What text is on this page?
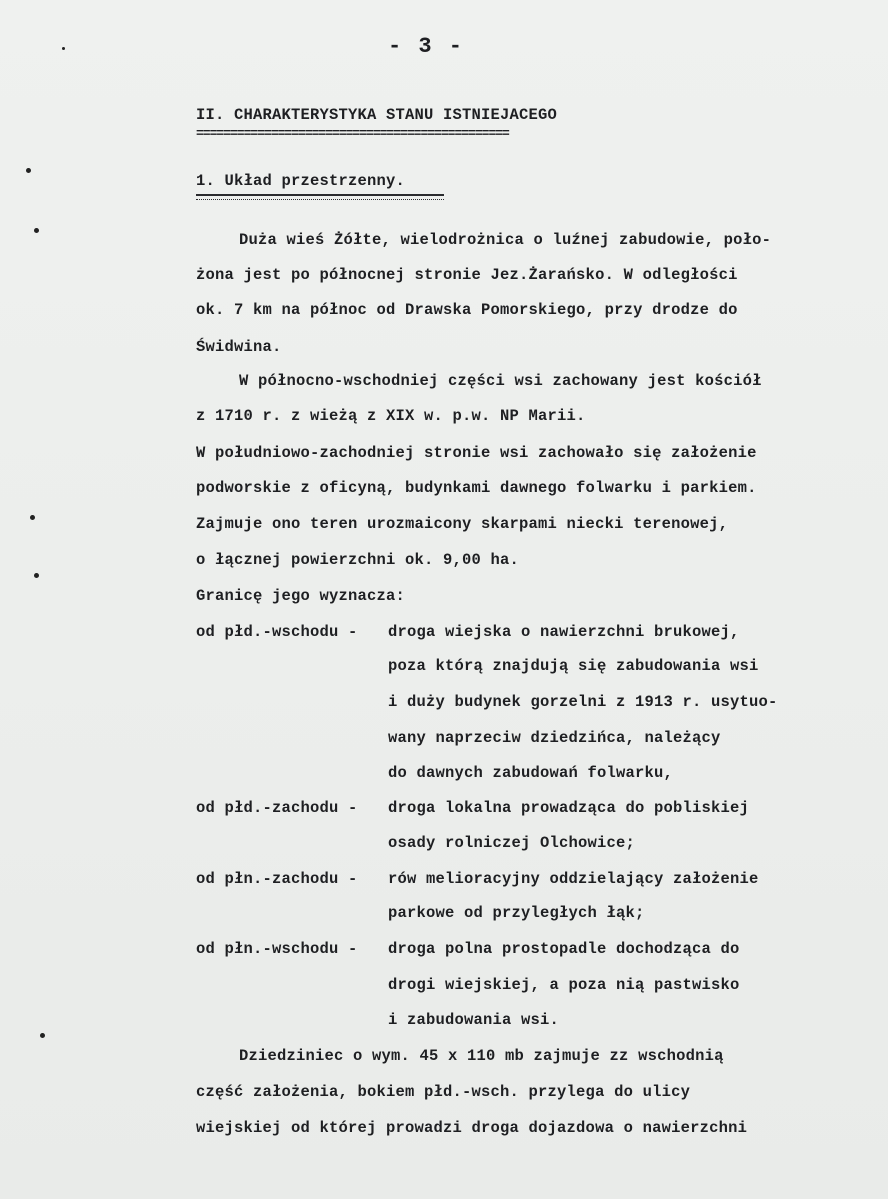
- 3 -
II. CHARAKTERYSTYKA STANU ISTNIEJACEGO
==============================================
1. Układ przestrzenny.
Duża wieś Żółte, wielodrożnica o luźnej zabudowie, poło-
żona jest po północnej stronie Jez.Żarańsko. W odległości
ok. 7 km na północ od Drawska Pomorskiego, przy drodze do
Świdwina.
W północno-wschodniej części wsi zachowany jest kościół
z 1710 r. z wieżą z XIX w. p.w. NP Marii.
W południowo-zachodniej stronie wsi zachowało się założenie
podworskie z oficyną, budynkami dawnego folwarku i parkiem.
Zajmuje ono teren urozmaicony skarpami niecki terenowej,
o łącznej powierzchni ok. 9,00 ha.
Granicę jego wyznacza:
od płd.-wschodu - droga wiejska o nawierzchni brukowej,
poza którą znajdują się zabudowania wsi
i duży budynek gorzelni z 1913 r. usytuo-
wany naprzeciw dziedzińca, należący
do dawnych zabudowań folwarku,
od płd.-zachodu - droga lokalna prowadząca do pobliskiej
osady rolniczej Olchowice;
od płn.-zachodu - rów melioracyjny oddzielający założenie
parkowe od przyległych łąk;
od płn.-wschodu - droga polna prostopadle dochodząca do
drogi wiejskiej, a poza nią pastwisko
i zabudowania wsi.
Dziedziniec o wym. 45 x 110 mb zajmuje zz wschodnią
część założenia, bokiem płd.-wsch. przylega do ulicy
wiejskiej od której prowadzi droga dojazdowa o nawierzchni
